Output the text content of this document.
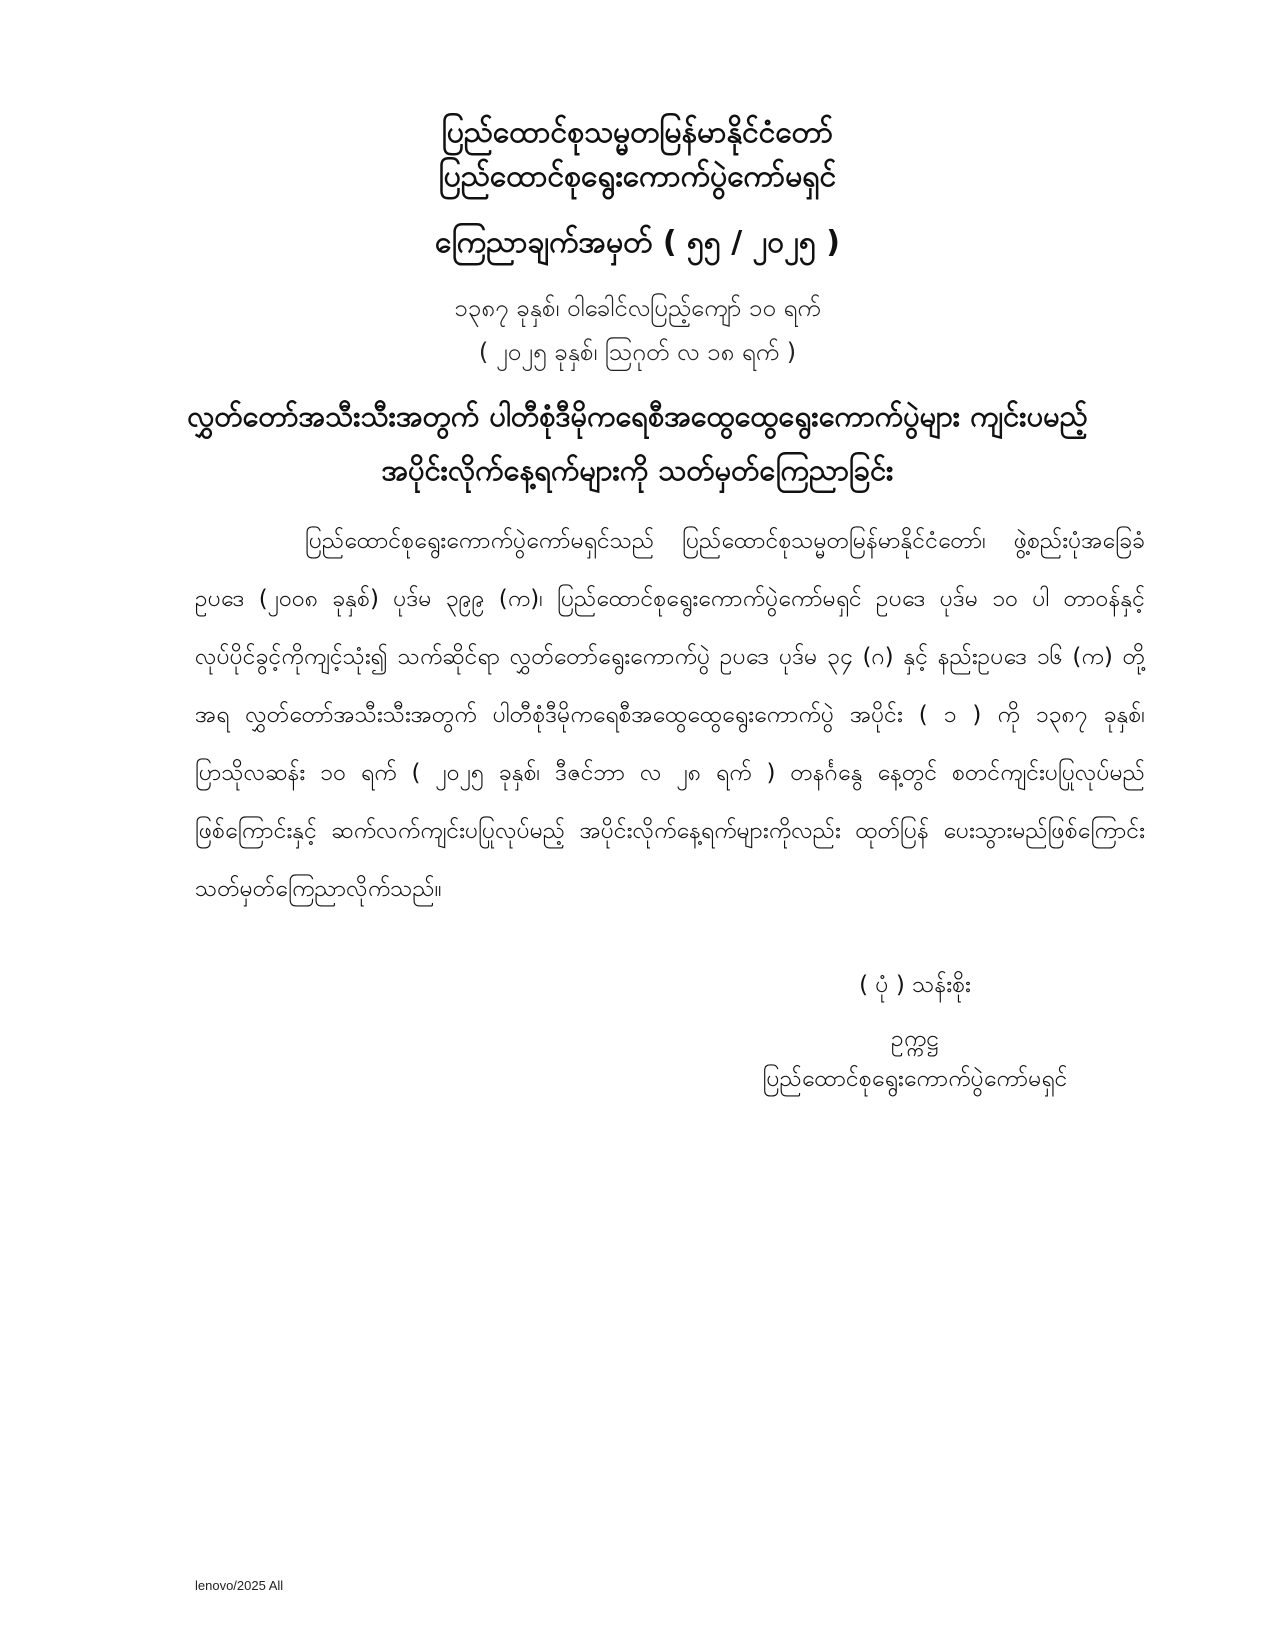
ပြည်ထောင်စုသမ္မတမြန်မာနိုင်ငံတော်
ပြည်ထောင်စုရွေးကောက်ပွဲကော်မရှင်
ကြေညာချက်အမှတ် ( ၅၅ / ၂၀၂၅ )
၁၃၈၇ ခုနှစ်၊ ဝါခေါင်လပြည့်ကျော် ၁၀ ရက်
( ၂၀၂၅ ခုနှစ်၊ ဩဂုတ် လ ၁၈ ရက် )
လွှတ်တော်အသီးသီးအတွက် ပါတီစုံဒီမိုကရေစီအထွေထွေရွေးကောက်ပွဲများ ကျင်းပမည့်
အပိုင်းလိုက်နေ့ရက်များကို သတ်မှတ်ကြေညာခြင်း

ပြည်ထောင်စုရွေးကောက်ပွဲကော်မရှင်သည် ပြည်ထောင်စုသမ္မတမြန်မာနိုင်ငံတော်၊ ဖွဲ့စည်းပုံအခြေခံဥပဒေ (၂၀၀၈ ခုနှစ်) ပုဒ်မ ၃၉၉ (က)၊ ပြည်ထောင်စုရွေးကောက်ပွဲကော်မရှင် ဥပဒေ ပုဒ်မ ၁၀ ပါ တာဝန်နှင့်လုပ်ပိုင်ခွင့်ကိုကျင့်သုံး၍ သက်ဆိုင်ရာ လွှတ်တော်ရွေးကောက်ပွဲ ဥပဒေ ပုဒ်မ ၃၄ (ဂ) နှင့် နည်းဥပဒေ ၁၆ (က) တို့အရ လွှတ်တော်အသီးသီးအတွက် ပါတီစုံဒီမိုကရေစီအထွေထွေရွေးကောက်ပွဲ အပိုင်း ( ၁ ) ကို ၁၃၈၇ ခုနှစ်၊ ပြာသိုလဆန်း ၁၀ ရက် ( ၂၀၂၅ ခုနှစ်၊ ဒီဇင်ဘာ လ ၂၈ ရက် ) တနင်္ဂနွေ နေ့တွင် စတင်ကျင်းပပြုလုပ်မည် ဖြစ်ကြောင်းနှင့် ဆက်လက်ကျင်းပပြုလုပ်မည့် အပိုင်းလိုက်နေ့ရက်များကိုလည်း ထုတ်ပြန် ပေးသွားမည်ဖြစ်ကြောင်း သတ်မှတ်ကြေညာလိုက်သည်။

( ပုံ ) သန်းစိုး
ဥက္ကဋ္ဌ
ပြည်ထောင်စုရွေးကောက်ပွဲကော်မရှင်
lenovo/2025 All
